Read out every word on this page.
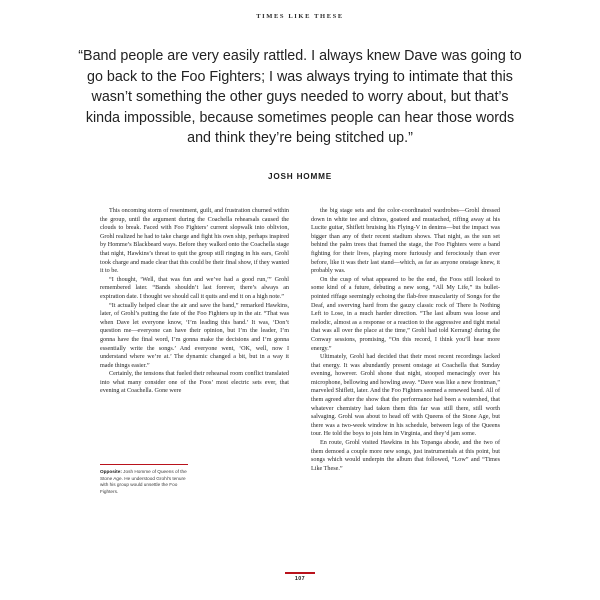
TIMES LIKE THESE
“Band people are very easily rattled. I always knew Dave was going to go back to the Foo Fighters; I was always trying to intimate that this wasn’t something the other guys needed to worry about, but that’s kinda impossible, because sometimes people can hear those words and think they’re being stitched up.”
JOSH HOMME

This oncoming storm of resentment, guilt, and frustration churned within the group, until the argument during the Coachella rehearsals caused the clouds to break. Faced with Foo Fighters’ current slopwalk into oblivion, Grohl realized he had to take charge and fight his own ship, perhaps inspired by Homme’s Blackbeard ways. Before they walked onto the Coachella stage that night, Hawkins’s threat to quit the group still ringing in his ears, Grohl took charge and made clear that this could be their final show, if they wanted it to be.

“I thought, ‘Well, that was fun and we’ve had a good run,’” Grohl remembered later. “Bands shouldn’t last forever, there’s always an expiration date. I thought we should call it quits and end it on a high note.”

“It actually helped clear the air and save the band,” remarked Hawkins, later, of Grohl’s putting the fate of the Foo Fighters up in the air. “That was when Dave let everyone know, ‘I’m leading this band.’ It was, ‘Don’t question me—everyone can have their opinion, but I’m the leader, I’m gonna have the final word, I’m gonna make the decisions and I’m gonna essentially write the songs.’ And everyone went, ‘OK, well, now I understand where we’re at.’ The dynamic changed a bit, but in a way it made things easier.”

Certainly, the tensions that fueled their rehearsal room conflict translated into what many consider one of the Foos’ most electric sets ever, that evening at Coachella. Gone were

the big stage sets and the color-coordinated wardrobes—Grohl dressed down in white tee and chinos, goateed and mustached, riffing away at his Lucite guitar, Shiflett bruising his Flying-V in denims—but the impact was bigger than any of their recent stadium shows. That night, as the sun set behind the palm trees that framed the stage, the Foo Fighters were a band fighting for their lives, playing more furiously and ferociously than ever before, like it was their last stand—which, as far as anyone onstage knew, it probably was.

On the cusp of what appeared to be the end, the Foos still looked to some kind of a future, debuting a new song, “All My Life,” its bullet-pointed riffage seemingly echoing the flab-free muscularity of Songs for the Deaf, and swerving hard from the gauzy classic rock of There Is Nothing Left to Lose, in a much harder direction. “The last album was loose and melodic, almost as a response or a reaction to the aggressive and tight metal that was all over the place at the time,” Grohl had told Kerrang! during the Conway sessions, promising, “On this record, I think you’ll hear more energy.”

Ultimately, Grohl had decided that their most recent recordings lacked that energy. It was abundantly present onstage at Coachella that Sunday evening, however. Grohl shone that night, stooped menacingly over his microphone, bellowing and howling away. “Dave was like a new frontman,” marveled Shiflett, later. And the Foo Fighters seemed a renewed band. All of them agreed after the show that the performance had been a watershed, that whatever chemistry had taken them this far was still there, still worth salvaging. Grohl was about to head off with Queens of the Stone Age, but there was a two-week window in his schedule, between legs of the Queens tour. He told the boys to join him in Virginia, and they’d jam some.

En route, Grohl visited Hawkins in his Topanga abode, and the two of them demoed a couple more new songs, just instrumentals at this point, but songs which would underpin the album that followed, “Low” and “Times Like These.”

Opposite: Josh Homme of Queens of the Stone Age. He understood Grohl’s tenure with his group would unsettle the Foo Fighters.
107
